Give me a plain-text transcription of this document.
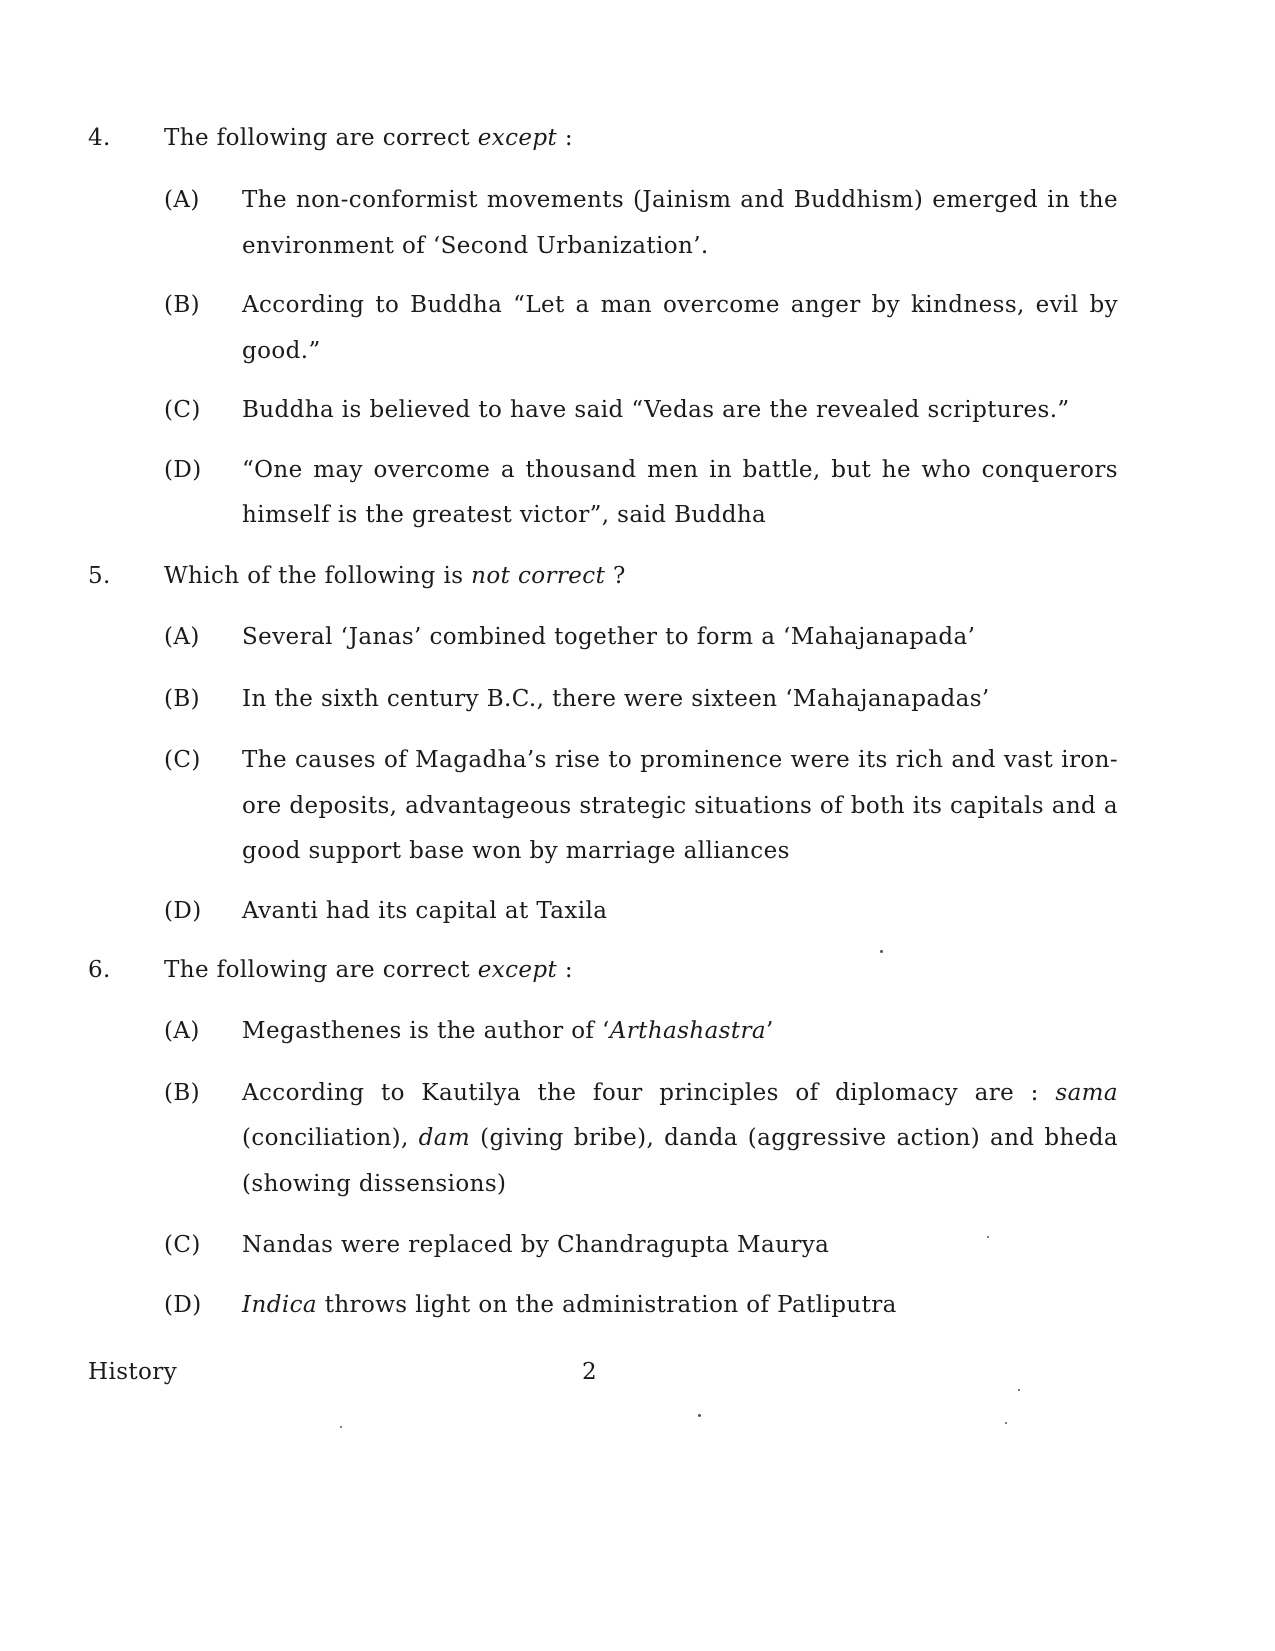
4.	The following are correct except :
(A)	The non-conformist movements (Jainism and Buddhism) emerged in the environment of ‘Second Urbanization’.
(B)	According to Buddha “Let a man overcome anger by kindness, evil by good.”
(C)	Buddha is believed to have said “Vedas are the revealed scriptures.”
(D)	“One may overcome a thousand men in battle, but he who conquerors himself is the greatest victor”, said Buddha
5.	Which of the following is not correct ?
(A)	Several ‘Janas’ combined together to form a ‘Mahajanapada’
(B)	In the sixth century B.C., there were sixteen ‘Mahajanapadas’
(C)	The causes of Magadha’s rise to prominence were its rich and vast iron-ore deposits, advantageous strategic situations of both its capitals and a good support base won by marriage alliances
(D)	Avanti had its capital at Taxila
6.	The following are correct except :
(A)	Megasthenes is the author of ‘Arthashastra’
(B)	According to Kautilya the four principles of diplomacy are : sama (conciliation), dam (giving bribe), danda (aggressive action) and bheda (showing dissensions)
(C)	Nandas were replaced by Chandragupta Maurya
(D)	Indica throws light on the administration of Patliputra
History	2
